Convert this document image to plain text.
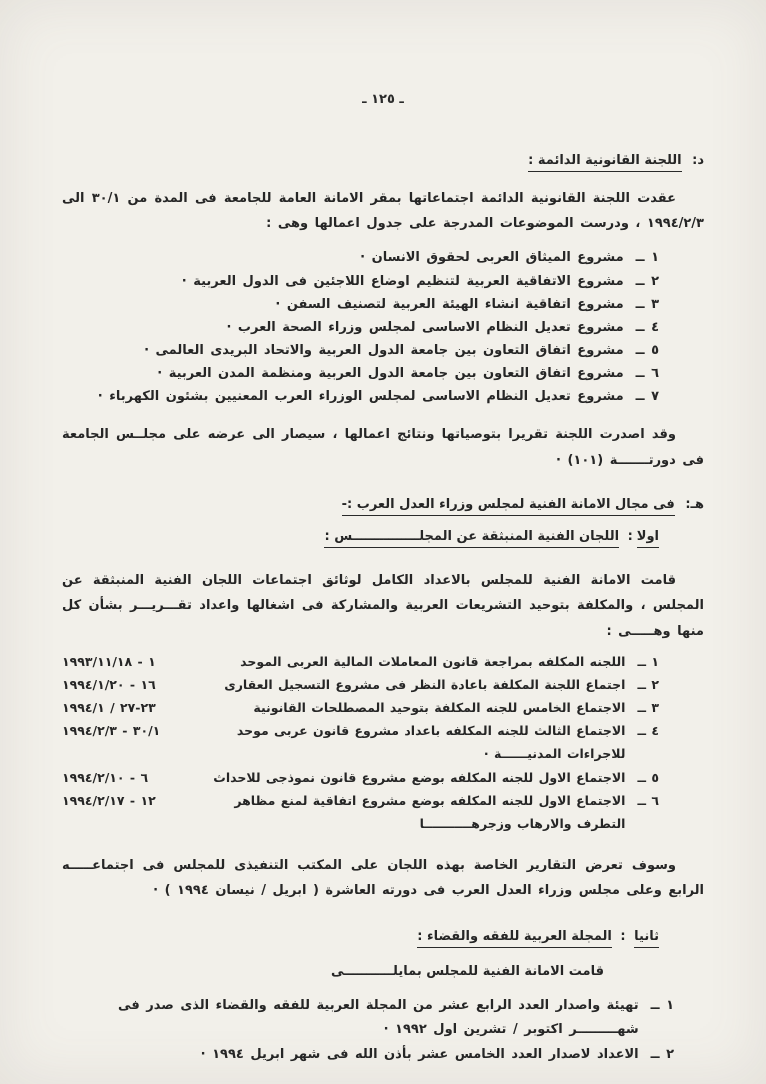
ـ ١٢٥ ـ
د: اللجنة القانونية الدائمة :

عقدت اللجنة القانونية الدائمة اجتماعاتها بمقر الامانة العامة للجامعة فى المدة من ٣٠/١ الى ١٩٩٤/٢/٣ ، ودرست الموضوعات المدرجة على جدول اعمالها وهى :

١ ــ
مشروع الميثاق العربى لحقوق الانسان ·
٢ ــ
مشروع الاتفاقية العربية لتنظيم اوضاع اللاجئين فى الدول العربية ·
٣ ــ
مشروع اتفاقية انشاء الهيئة العربية لتصنيف السفن ·
٤ ــ
مشروع تعديل النظام الاساسى لمجلس وزراء الصحة العرب ·
٥ ــ
مشروع اتفاق التعاون بين جامعة الدول العربية والاتحاد البريدى العالمى ·
٦ ــ
مشروع اتفاق التعاون بين جامعة الدول العربية ومنظمة المدن العربية ·
٧ ــ
مشروع تعديل النظام الاساسى لمجلس الوزراء العرب المعنيين بشئون الكهرباء ·

وقد اصدرت اللجنة تقريرا بتوصياتها ونتائج اعمالها ، سيصار الى عرضه على مجلــس الجامعة فى دورتـــــــة (١٠١) ·

هـ: فى مجال الامانة الفنية لمجلس وزراء العدل العرب :-
اولا: اللجان الفنية المنبثقة عن المجلـــــــــــــــس :

قامت الامانة الفنية للمجلس بالاعداد الكامل لوثائق اجتماعات اللجان الفنية المنبثقة عن المجلس ، والمكلفة بتوحيد التشريعات العربية والمشاركة فى اشغالها واعداد تقـــريـــر بشأن كل منها وهـــــى :

١ ــ
اللجنه المكلفه بمراجعة قانون المعاملات المالية العربى الموحد
١ - ١٩٩٣/١١/١٨
٢ ــ
اجتماع اللجنة المكلفة باعادة النظر فى مشروع التسجيل العقارى
١٦ - ١٩٩٤/١/٢٠
٣ ــ
الاجتماع الخامس للجنه المكلفة بتوحيد المصطلحات القانونية
٢٣-٢٧ / ١٩٩٤/١
٤ ــ
الاجتماع الثالث للجنه المكلفه باعداد مشروع قانون عربى موحد للاجراءات المدنيــــــة ·
٣٠/١ - ١٩٩٤/٢/٣
٥ ــ
الاجتماع الاول للجنه المكلفه بوضع مشروع قانون نموذجى للاحداث
٦ - ١٩٩٤/٢/١٠
٦ ــ
الاجتماع الاول للجنه المكلفه بوضع مشروع اتفاقية لمنع مظاهر التطرف والارهاب وزجرهـــــــــــا
١٢ - ١٩٩٤/٢/١٧

وسوف تعرض التقارير الخاصة بهذه اللجان على المكتب التنفيذى للمجلس فى اجتماعـــــه الرابع وعلى مجلس وزراء العدل العرب فى دورته العاشرة ( ابريل / نيسان ١٩٩٤ ) ·

ثانيا : المجلة العربية للفقه والقضاء :
قامت الامانة الفنية للمجلس بمايلـــــــــــى
١ ــ
تهيئة واصدار العدد الرابع عشر من المجلة العربية للفقه والقضاء الذى صدر فى شهـــــــــر اكتوبر / تشرين اول ١٩٩٢ ·
٢ ــ
الاعداد لاصدار العدد الخامس عشر بأذن الله فى شهر ابريل ١٩٩٤ ·
